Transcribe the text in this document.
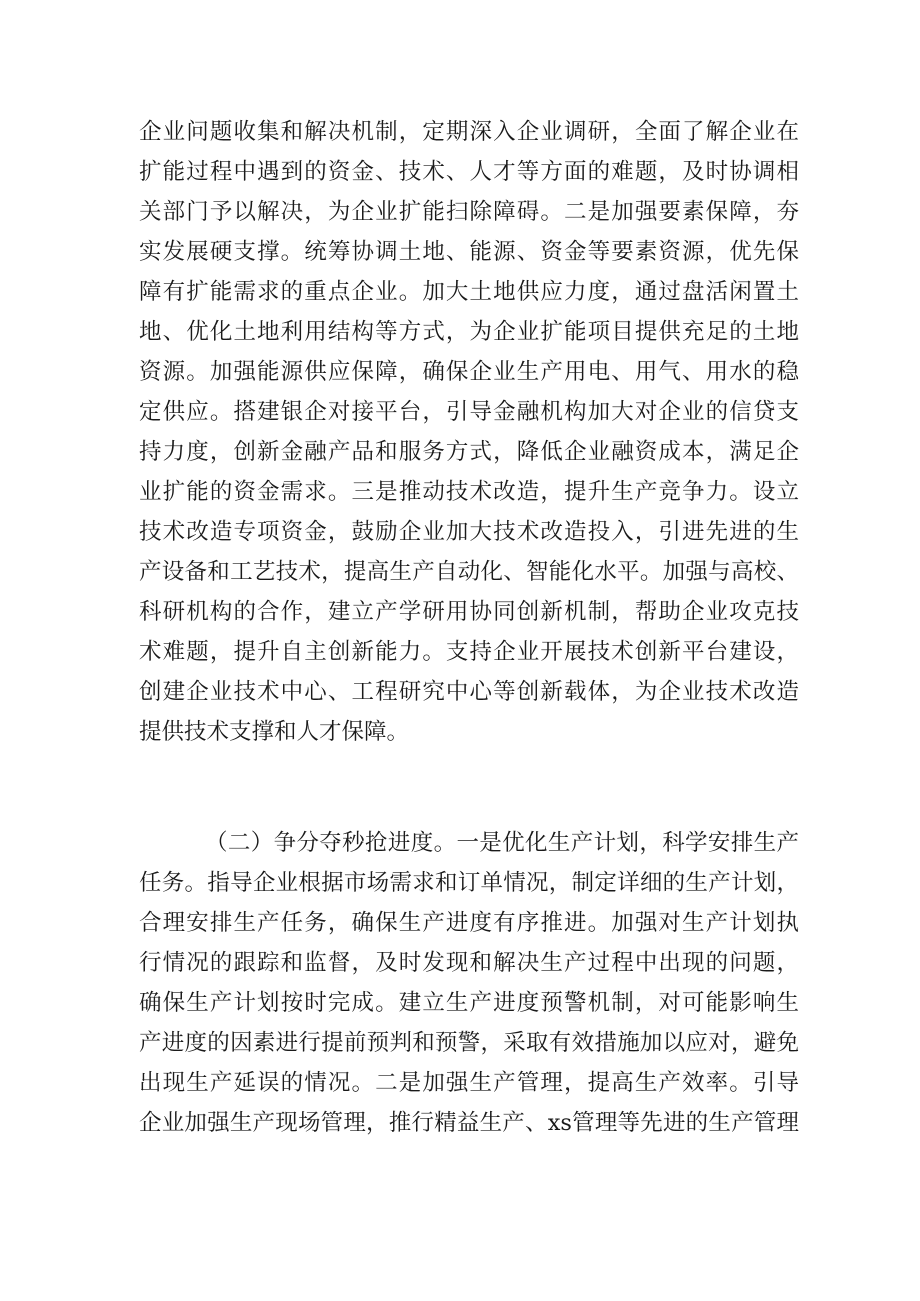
企业问题收集和解决机制，定期深入企业调研，全面了解企业在
扩能过程中遇到的资金、技术、人才等方面的难题，及时协调相
关部门予以解决，为企业扩能扫除障碍。二是加强要素保障，夯
实发展硬支撑。统筹协调土地、能源、资金等要素资源，优先保
障有扩能需求的重点企业。加大土地供应力度，通过盘活闲置土
地、优化土地利用结构等方式，为企业扩能项目提供充足的土地
资源。加强能源供应保障，确保企业生产用电、用气、用水的稳
定供应。搭建银企对接平台，引导金融机构加大对企业的信贷支
持力度，创新金融产品和服务方式，降低企业融资成本，满足企
业扩能的资金需求。三是推动技术改造，提升生产竞争力。设立
技术改造专项资金，鼓励企业加大技术改造投入，引进先进的生
产设备和工艺技术，提高生产自动化、智能化水平。加强与高校、
科研机构的合作，建立产学研用协同创新机制，帮助企业攻克技
术难题，提升自主创新能力。支持企业开展技术创新平台建设，
创建企业技术中心、工程研究中心等创新载体，为企业技术改造
提供技术支撑和人才保障。
（二）争分夺秒抢进度。一是优化生产计划，科学安排生产
任务。指导企业根据市场需求和订单情况，制定详细的生产计划，
合理安排生产任务，确保生产进度有序推进。加强对生产计划执
行情况的跟踪和监督，及时发现和解决生产过程中出现的问题，
确保生产计划按时完成。建立生产进度预警机制，对可能影响生
产进度的因素进行提前预判和预警，采取有效措施加以应对，避免
出现生产延误的情况。二是加强生产管理，提高生产效率。引导
企业加强生产现场管理，推行精益生产、xs管理等先进的生产管理
